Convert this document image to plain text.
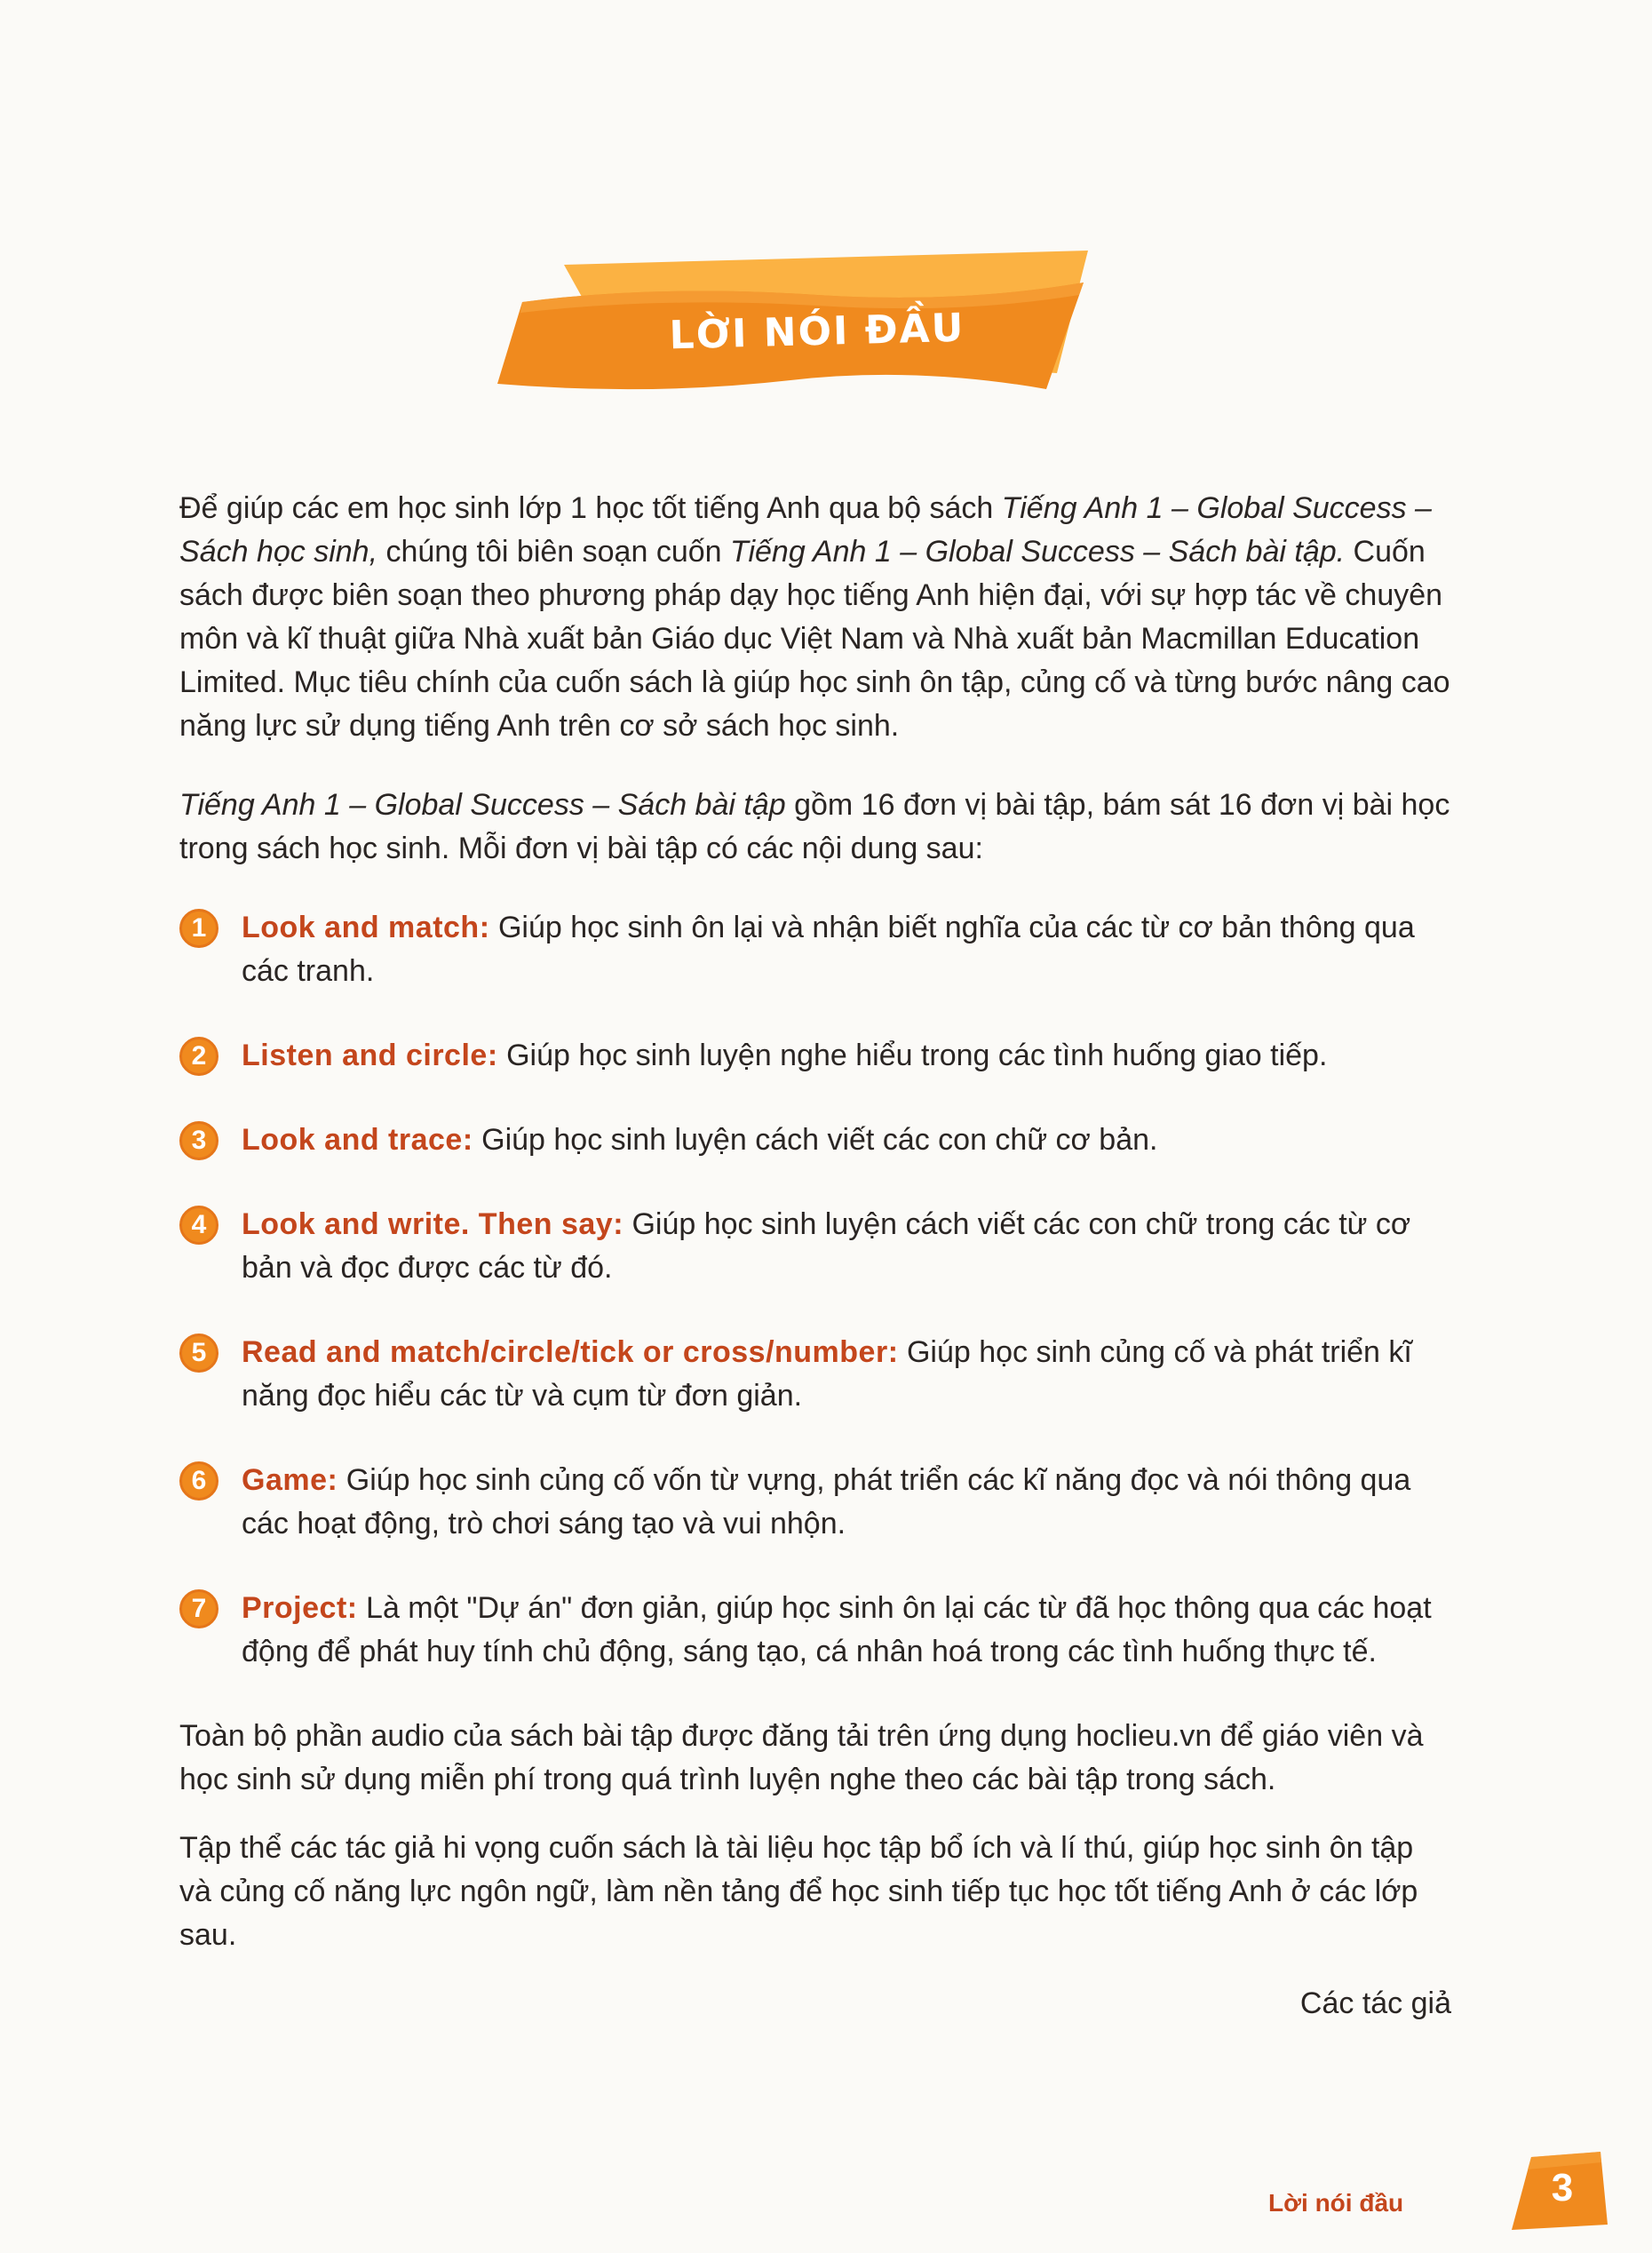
LỜI NÓI ĐẦU

Để giúp các em học sinh lớp 1 học tốt tiếng Anh qua bộ sách Tiếng Anh 1 – Global Success – Sách học sinh, chúng tôi biên soạn cuốn Tiếng Anh 1 – Global Success – Sách bài tập. Cuốn sách được biên soạn theo phương pháp dạy học tiếng Anh hiện đại, với sự hợp tác về chuyên môn và kĩ thuật giữa Nhà xuất bản Giáo dục Việt Nam và Nhà xuất bản Macmillan Education Limited. Mục tiêu chính của cuốn sách là giúp học sinh ôn tập, củng cố và từng bước nâng cao năng lực sử dụng tiếng Anh trên cơ sở sách học sinh.

Tiếng Anh 1 – Global Success – Sách bài tập gồm 16 đơn vị bài tập, bám sát 16 đơn vị bài học trong sách học sinh. Mỗi đơn vị bài tập có các nội dung sau:

1	Look and match: Giúp học sinh ôn lại và nhận biết nghĩa của các từ cơ bản thông qua các tranh.
2	Listen and circle: Giúp học sinh luyện nghe hiểu trong các tình huống giao tiếp.
3	Look and trace: Giúp học sinh luyện cách viết các con chữ cơ bản.
4	Look and write. Then say: Giúp học sinh luyện cách viết các con chữ trong các từ cơ bản và đọc được các từ đó.
5	Read and match/circle/tick or cross/number: Giúp học sinh củng cố và phát triển kĩ năng đọc hiểu các từ và cụm từ đơn giản.
6	Game: Giúp học sinh củng cố vốn từ vựng, phát triển các kĩ năng đọc và nói thông qua các hoạt động, trò chơi sáng tạo và vui nhộn.
7	Project: Là một "Dự án" đơn giản, giúp học sinh ôn lại các từ đã học thông qua các hoạt động để phát huy tính chủ động, sáng tạo, cá nhân hoá trong các tình huống thực tế.

Toàn bộ phần audio của sách bài tập được đăng tải trên ứng dụng hoclieu.vn để giáo viên và học sinh sử dụng miễn phí trong quá trình luyện nghe theo các bài tập trong sách.

Tập thể các tác giả hi vọng cuốn sách là tài liệu học tập bổ ích và lí thú, giúp học sinh ôn tập và củng cố năng lực ngôn ngữ, làm nền tảng để học sinh tiếp tục học tốt tiếng Anh ở các lớp sau.

Các tác giả
Lời nói đầu	3
